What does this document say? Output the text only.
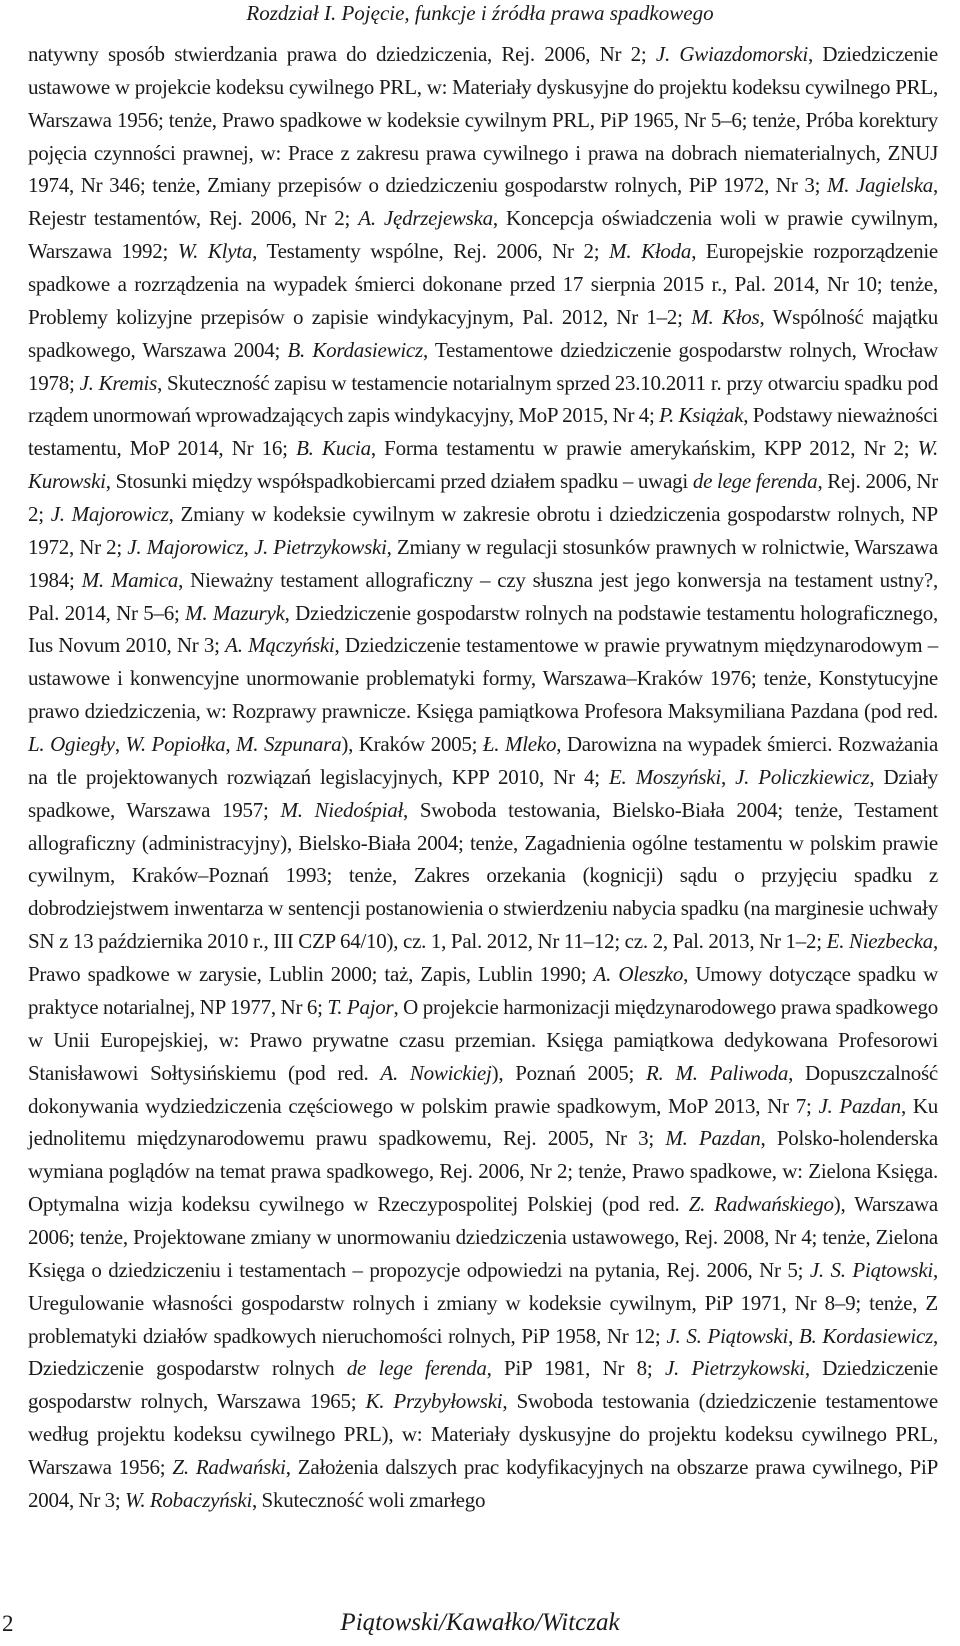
Rozdział I. Pojęcie, funkcje i źródła prawa spadkowego
natywny sposób stwierdzania prawa do dziedziczenia, Rej. 2006, Nr 2; J. Gwiazdomorski, Dziedziczenie ustawowe w projekcie kodeksu cywilnego PRL, w: Materiały dyskusyjne do projektu kodeksu cywilnego PRL, Warszawa 1956; tenże, Prawo spadkowe w kodeksie cywilnym PRL, PiP 1965, Nr 5–6; tenże, Próba korektury pojęcia czynności prawnej, w: Prace z zakresu prawa cywilnego i prawa na dobrach niematerialnych, ZNUJ 1974, Nr 346; tenże, Zmiany przepisów o dziedziczeniu gospodarstw rolnych, PiP 1972, Nr 3; M. Jagielska, Rejestr testamentów, Rej. 2006, Nr 2; A. Jędrzejewska, Koncepcja oświadczenia woli w prawie cywilnym, Warszawa 1992; W. Klyta, Testamenty wspólne, Rej. 2006, Nr 2; M. Kłoda, Europejskie rozporządzenie spadkowe a rozrządzenia na wypadek śmierci dokonane przed 17 sierpnia 2015 r., Pal. 2014, Nr 10; tenże, Problemy kolizyjne przepisów o zapisie windykacyjnym, Pal. 2012, Nr 1–2; M. Kłos, Wspólność majątku spadkowego, Warszawa 2004; B. Kordasiewicz, Testamentowe dziedziczenie gospodarstw rolnych, Wrocław 1978; J. Kremis, Skuteczność zapisu w testamencie notarialnym sprzed 23.10.2011 r. przy otwarciu spadku pod rządem unormowań wprowadzających zapis windykacyjny, MoP 2015, Nr 4; P. Książak, Podstawy nieważności testamentu, MoP 2014, Nr 16; B. Kucia, Forma testamentu w prawie amerykańskim, KPP 2012, Nr 2; W. Kurowski, Stosunki między współspadkobiercami przed działem spadku – uwagi de lege ferenda, Rej. 2006, Nr 2; J. Majorowicz, Zmiany w kodeksie cywilnym w zakresie obrotu i dziedziczenia gospodarstw rolnych, NP 1972, Nr 2; J. Majorowicz, J. Pietrzykowski, Zmiany w regulacji stosunków prawnych w rolnictwie, Warszawa 1984; M. Mamica, Nieważny testament allograficzny – czy słuszna jest jego konwersja na testament ustny?, Pal. 2014, Nr 5–6; M. Mazuryk, Dziedziczenie gospodarstw rolnych na podstawie testamentu holograficznego, Ius Novum 2010, Nr 3; A. Mączyński, Dziedziczenie testamentowe w prawie prywatnym międzynarodowym – ustawowe i konwencyjne unormowanie problematyki formy, Warszawa–Kraków 1976; tenże, Konstytucyjne prawo dziedziczenia, w: Rozprawy prawnicze. Księga pamiątkowa Profesora Maksymiliana Pazdana (pod red. L. Ogiegły, W. Popiołka, M. Szpunara), Kraków 2005; Ł. Mleko, Darowizna na wypadek śmierci. Rozważania na tle projektowanych rozwiązań legislacyjnych, KPP 2010, Nr 4; E. Moszyński, J. Policzkiewicz, Działy spadkowe, Warszawa 1957; M. Niedośpiał, Swoboda testowania, Bielsko-Biała 2004; tenże, Testament allograficzny (administracyjny), Bielsko-Biała 2004; tenże, Zagadnienia ogólne testamentu w polskim prawie cywilnym, Kraków–Poznań 1993; tenże, Zakres orzekania (kognicji) sądu o przyjęciu spadku z dobrodziejstwem inwentarza w sentencji postanowienia o stwierdzeniu nabycia spadku (na marginesie uchwały SN z 13 października 2010 r., III CZP 64/10), cz. 1, Pal. 2012, Nr 11–12; cz. 2, Pal. 2013, Nr 1–2; E. Niezbecka, Prawo spadkowe w zarysie, Lublin 2000; taż, Zapis, Lublin 1990; A. Oleszko, Umowy dotyczące spadku w praktyce notarialnej, NP 1977, Nr 6; T. Pajor, O projekcie harmonizacji międzynarodowego prawa spadkowego w Unii Europejskiej, w: Prawo prywatne czasu przemian. Księga pamiątkowa dedykowana Profesorowi Stanisławowi Sołtysińskiemu (pod red. A. Nowickiej), Poznań 2005; R. M. Paliwoda, Dopuszczalność dokonywania wydziedziczenia częściowego w polskim prawie spadkowym, MoP 2013, Nr 7; J. Pazdan, Ku jednolitemu międzynarodowemu prawu spadkowemu, Rej. 2005, Nr 3; M. Pazdan, Polsko-holenderska wymiana poglądów na temat prawa spadkowego, Rej. 2006, Nr 2; tenże, Prawo spadkowe, w: Zielona Księga. Optymalna wizja kodeksu cywilnego w Rzeczypospolitej Polskiej (pod red. Z. Radwańskiego), Warszawa 2006; tenże, Projektowane zmiany w unormowaniu dziedziczenia ustawowego, Rej. 2008, Nr 4; tenże, Zielona Księga o dziedziczeniu i testamentach – propozycje odpowiedzi na pytania, Rej. 2006, Nr 5; J. S. Piątowski, Uregulowanie własności gospodarstw rolnych i zmiany w kodeksie cywilnym, PiP 1971, Nr 8–9; tenże, Z problematyki działów spadkowych nieruchomości rolnych, PiP 1958, Nr 12; J. S. Piątowski, B. Kordasiewicz, Dziedziczenie gospodarstw rolnych de lege ferenda, PiP 1981, Nr 8; J. Pietrzykowski, Dziedziczenie gospodarstw rolnych, Warszawa 1965; K. Przybyłowski, Swoboda testowania (dziedziczenie testamentowe według projektu kodeksu cywilnego PRL), w: Materiały dyskusyjne do projektu kodeksu cywilnego PRL, Warszawa 1956; Z. Radwański, Założenia dalszych prac kodyfikacyjnych na obszarze prawa cywilnego, PiP 2004, Nr 3; W. Robaczyński, Skuteczność woli zmarłego
2	Piątowski/Kawałko/Witczak
